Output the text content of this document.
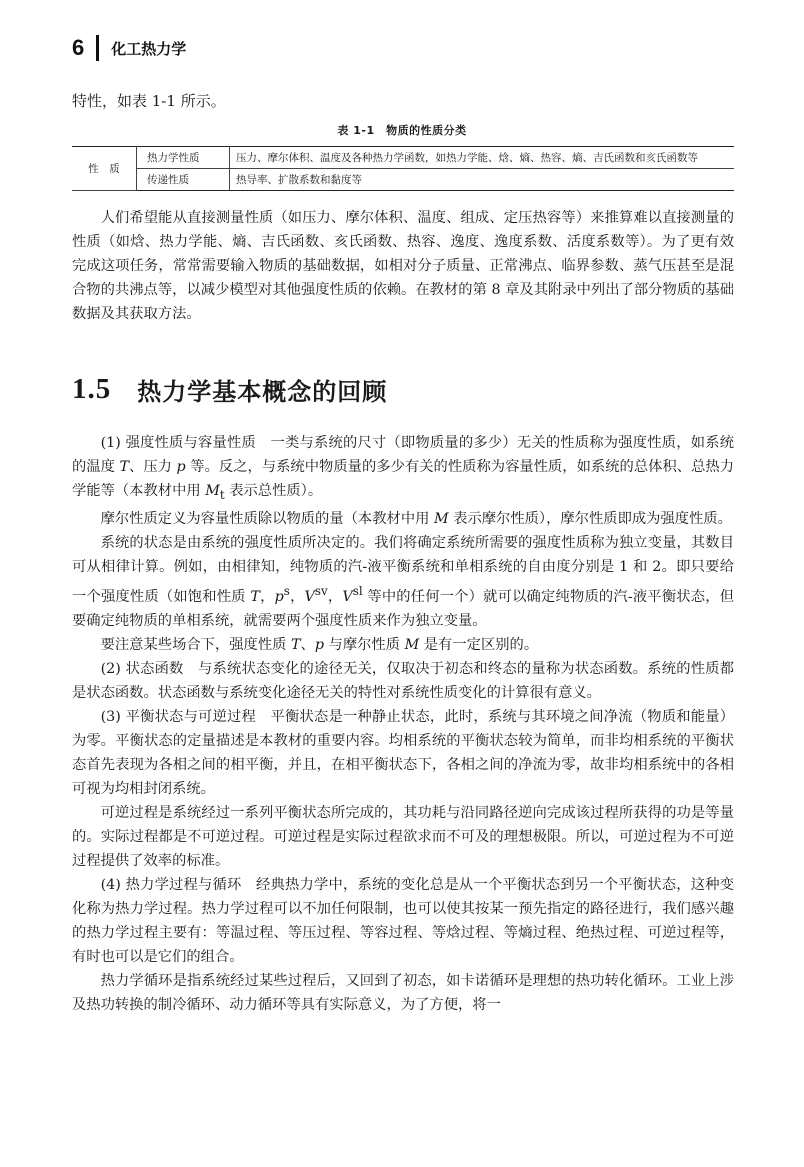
6 化工热力学
特性，如表 1-1 所示。
表 1-1　物质的性质分类
性　质	热力学性质	压力、摩尔体积、温度及各种热力学函数，如热力学能、焓、熵、热容、熵、吉氏函数和亥氏函数等
	传递性质	热导率、扩散系数和黏度等

人们希望能从直接测量性质（如压力、摩尔体积、温度、组成、定压热容等）来推算难以直接测量的性质（如焓、热力学能、熵、吉氏函数、亥氏函数、热容、逸度、逸度系数、活度系数等）。为了更有效完成这项任务，常常需要输入物质的基础数据，如相对分子质量、正常沸点、临界参数、蒸气压甚至是混合物的共沸点等，以减少模型对其他强度性质的依赖。在教材的第 8 章及其附录中列出了部分物质的基础数据及其获取方法。

1.5 热力学基本概念的回顾

(1) 强度性质与容量性质　 一类与系统的尺寸（即物质量的多少）无关的性质称为强度性质，如系统的温度 T、压力 p 等。反之，与系统中物质量的多少有关的性质称为容量性质，如系统的总体积、总热力学能等（本教材中用 $M_t$ 表示总性质）。

摩尔性质定义为容量性质除以物质的量（本教材中用 M 表示摩尔性质），摩尔性质即成为强度性质。

系统的状态是由系统的强度性质所决定的。我们将确定系统所需要的强度性质称为独立变量，其数目可从相律计算。例如，由相律知，纯物质的汽-液平衡系统和单相系统的自由度分别是 1 和 2。即只要给一个强度性质（如饱和性质 T，$p^s$，$V^{sv}$，$V^{sl}$ 等中的任何一个）就可以确定纯物质的汽-液平衡状态，但要确定纯物质的单相系统，就需要两个强度性质来作为独立变量。

要注意某些场合下，强度性质 T、p 与摩尔性质 M 是有一定区别的。

(2) 状态函数　 与系统状态变化的途径无关，仅取决于初态和终态的量称为状态函数。系统的性质都是状态函数。状态函数与系统变化途径无关的特性对系统性质变化的计算很有意义。

(3) 平衡状态与可逆过程　 平衡状态是一种静止状态，此时，系统与其环境之间净流（物质和能量）为零。平衡状态的定量描述是本教材的重要内容。均相系统的平衡状态较为简单，而非均相系统的平衡状态首先表现为各相之间的相平衡，并且，在相平衡状态下，各相之间的净流为零，故非均相系统中的各相可视为均相封闭系统。

可逆过程是系统经过一系列平衡状态所完成的，其功耗与沿同路径逆向完成该过程所获得的功是等量的。实际过程都是不可逆过程。可逆过程是实际过程欲求而不可及的理想极限。所以，可逆过程为不可逆过程提供了效率的标准。

(4) 热力学过程与循环　 经典热力学中，系统的变化总是从一个平衡状态到另一个平衡状态，这种变化称为热力学过程。热力学过程可以不加任何限制，也可以使其按某一预先指定的路径进行，我们感兴趣的热力学过程主要有：等温过程、等压过程、等容过程、等焓过程、等熵过程、绝热过程、可逆过程等，有时也可以是它们的组合。

热力学循环是指系统经过某些过程后，又回到了初态，如卡诺循环是理想的热功转化循环。工业上涉及热功转换的制冷循环、动力循环等具有实际意义，为了方便，将一
